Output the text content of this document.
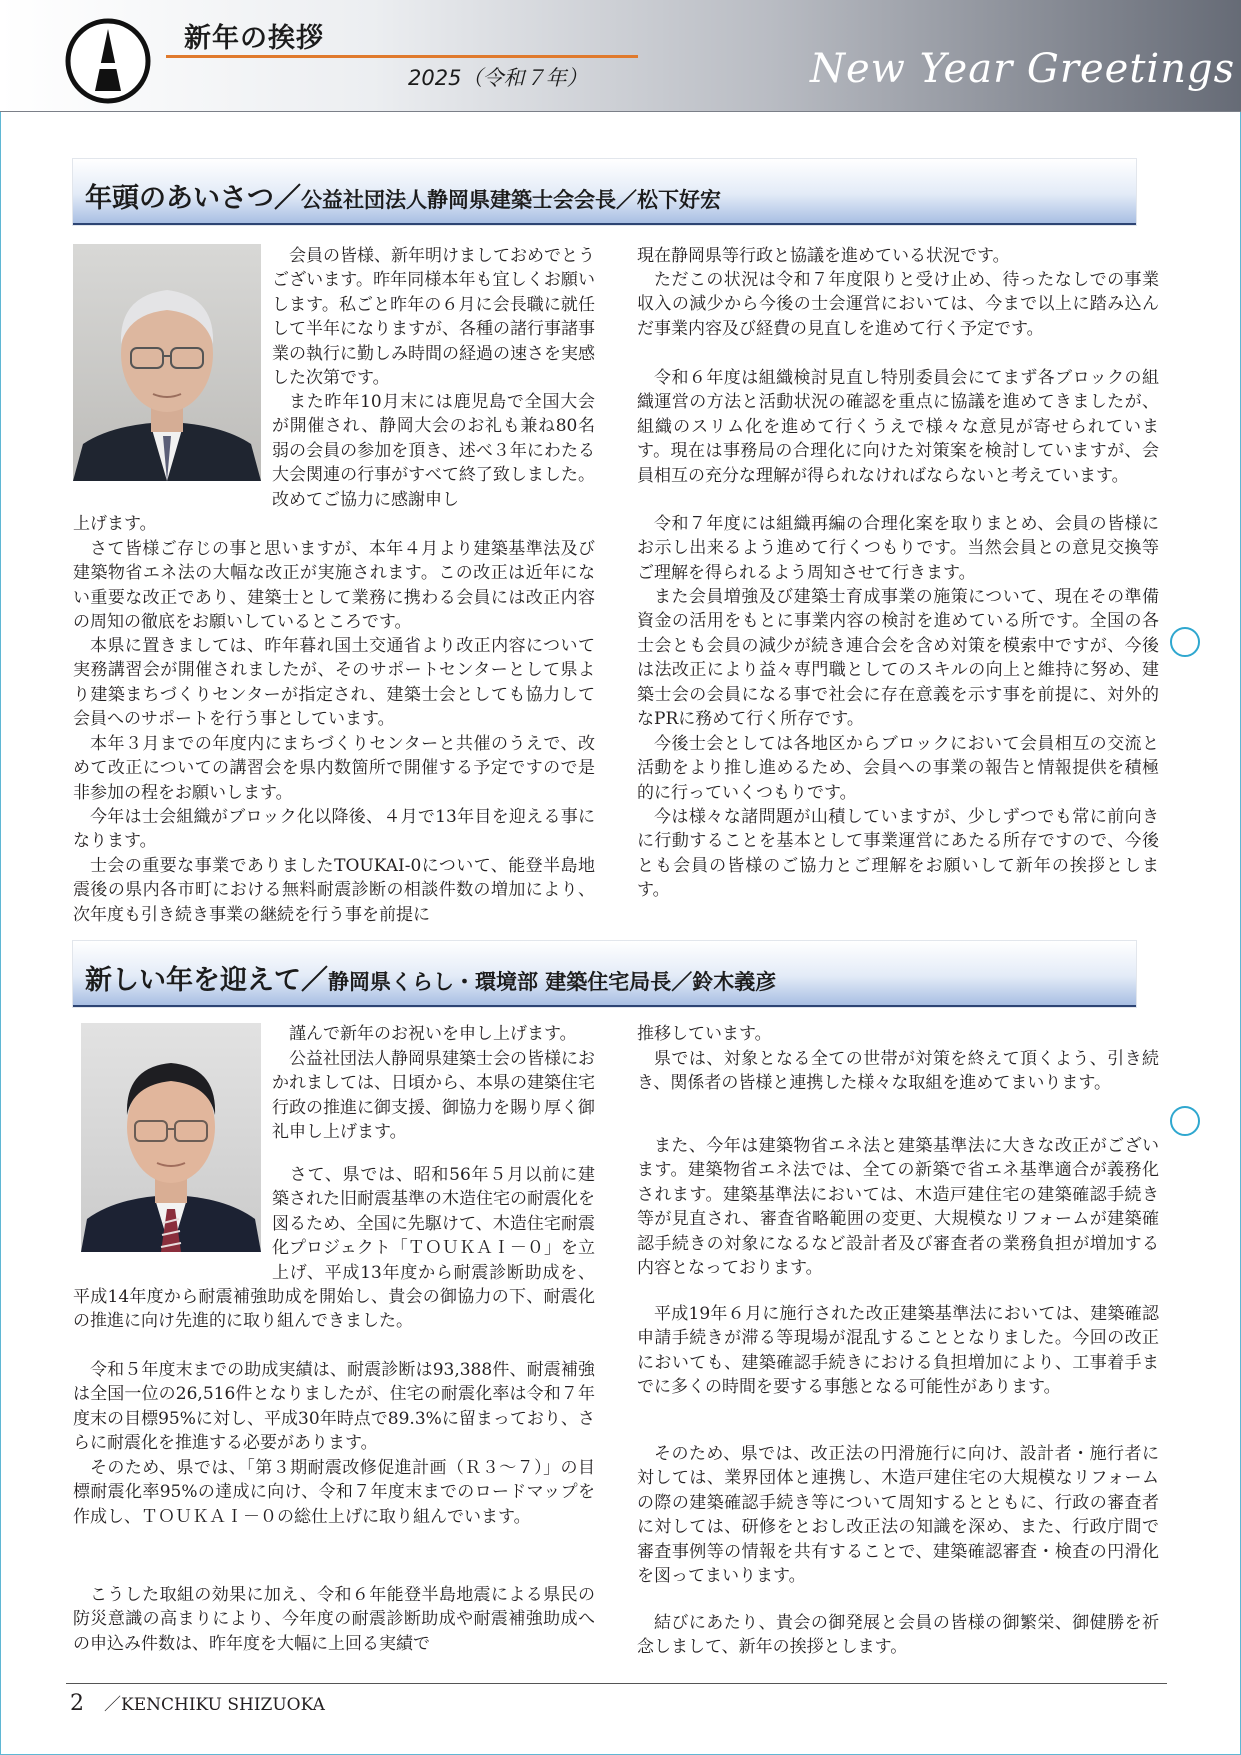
新年の挨拶
2025（令和７年）	New Year Greetings
年頭のあいさつ／公益社団法人静岡県建築士会会長／松下好宏
会員の皆様、新年明けましておめでとうございます。昨年同様本年も宜しくお願いします。私ごと昨年の６月に会長職に就任して半年になりますが、各種の諸行事諸事業の執行に勤しみ時間の経過の速さを実感した次第です。
また昨年10月末には鹿児島で全国大会が開催され、静岡大会のお礼も兼ね80名弱の会員の参加を頂き、述べ３年にわたる大会関連の行事がすべて終了致しました。改めてご協力に感謝申し
上げます。
さて皆様ご存じの事と思いますが、本年４月より建築基準法及び建築物省エネ法の大幅な改正が実施されます。この改正は近年にない重要な改正であり、建築士として業務に携わる会員には改正内容の周知の徹底をお願いしているところです。
本県に置きましては、昨年暮れ国土交通省より改正内容について実務講習会が開催されましたが、そのサポートセンターとして県より建築まちづくりセンターが指定され、建築士会としても協力して会員へのサポートを行う事としています。
本年３月までの年度内にまちづくりセンターと共催のうえで、改めて改正についての講習会を県内数箇所で開催する予定ですので是非参加の程をお願いします。
今年は士会組織がブロック化以降後、４月で13年目を迎える事になります。
士会の重要な事業でありましたTOUKAI-0について、能登半島地震後の県内各市町における無料耐震診断の相談件数の増加により、次年度も引き続き事業の継続を行う事を前提に
現在静岡県等行政と協議を進めている状況です。
ただこの状況は令和７年度限りと受け止め、待ったなしでの事業収入の減少から今後の士会運営においては、今まで以上に踏み込んだ事業内容及び経費の見直しを進めて行く予定です。
令和６年度は組織検討見直し特別委員会にてまず各ブロックの組織運営の方法と活動状況の確認を重点に協議を進めてきましたが、組織のスリム化を進めて行くうえで様々な意見が寄せられています。現在は事務局の合理化に向けた対策案を検討していますが、会員相互の充分な理解が得られなければならないと考えています。
令和７年度には組織再編の合理化案を取りまとめ、会員の皆様にお示し出来るよう進めて行くつもりです。当然会員との意見交換等ご理解を得られるよう周知させて行きます。
また会員増強及び建築士育成事業の施策について、現在その準備資金の活用をもとに事業内容の検討を進めている所です。全国の各士会とも会員の減少が続き連合会を含め対策を模索中ですが、今後は法改正により益々専門職としてのスキルの向上と維持に努め、建築士会の会員になる事で社会に存在意義を示す事を前提に、対外的なPRに務めて行く所存です。
今後士会としては各地区からブロックにおいて会員相互の交流と活動をより推し進めるため、会員への事業の報告と情報提供を積極的に行っていくつもりです。
今は様々な諸問題が山積していますが、少しずつでも常に前向きに行動することを基本として事業運営にあたる所存ですので、今後とも会員の皆様のご協力とご理解をお願いして新年の挨拶とします。
新しい年を迎えて／静岡県くらし・環境部 建築住宅局長／鈴木義彦
謹んで新年のお祝いを申し上げます。
公益社団法人静岡県建築士会の皆様におかれましては、日頃から、本県の建築住宅行政の推進に御支援、御協力を賜り厚く御礼申し上げます。
さて、県では、昭和56年５月以前に建築された旧耐震基準の木造住宅の耐震化を図るため、全国に先駆けて、木造住宅耐震化プロジェクト「ＴＯＵＫＡＩ－０」を立上げ、平成13年度から耐震診断助成を、平成14年度から耐震補強助成を開始し、貴会の御協力の下、耐震化の推進に向け先進的に取り組んできました。
令和５年度末までの助成実績は、耐震診断は93,388件、耐震補強は全国一位の26,516件となりましたが、住宅の耐震化率は令和７年度末の目標95%に対し、平成30年時点で89.3%に留まっており、さらに耐震化を推進する必要があります。
そのため、県では、「第３期耐震改修促進計画（Ｒ３～７）」の目標耐震化率95%の達成に向け、令和７年度末までのロードマップを作成し、ＴＯＵＫＡＩ－０の総仕上げに取り組んでいます。
こうした取組の効果に加え、令和６年能登半島地震による県民の防災意識の高まりにより、今年度の耐震診断助成や耐震補強助成への申込み件数は、昨年度を大幅に上回る実績で
推移しています。
県では、対象となる全ての世帯が対策を終えて頂くよう、引き続き、関係者の皆様と連携した様々な取組を進めてまいります。
また、今年は建築物省エネ法と建築基準法に大きな改正がございます。建築物省エネ法では、全ての新築で省エネ基準適合が義務化されます。建築基準法においては、木造戸建住宅の建築確認手続き等が見直され、審査省略範囲の変更、大規模なリフォームが建築確認手続きの対象になるなど設計者及び審査者の業務負担が増加する内容となっております。
平成19年６月に施行された改正建築基準法においては、建築確認申請手続きが滞る等現場が混乱することとなりました。今回の改正においても、建築確認手続きにおける負担増加により、工事着手までに多くの時間を要する事態となる可能性があります。
そのため、県では、改正法の円滑施行に向け、設計者・施行者に対しては、業界団体と連携し、木造戸建住宅の大規模なリフォームの際の建築確認手続き等について周知するとともに、行政の審査者に対しては、研修をとおし改正法の知識を深め、また、行政庁間で審査事例等の情報を共有することで、建築確認審査・検査の円滑化を図ってまいります。
結びにあたり、貴会の御発展と会員の皆様の御繁栄、御健勝を祈念しまして、新年の挨拶とします。
2 ／KENCHIKU SHIZUOKA
